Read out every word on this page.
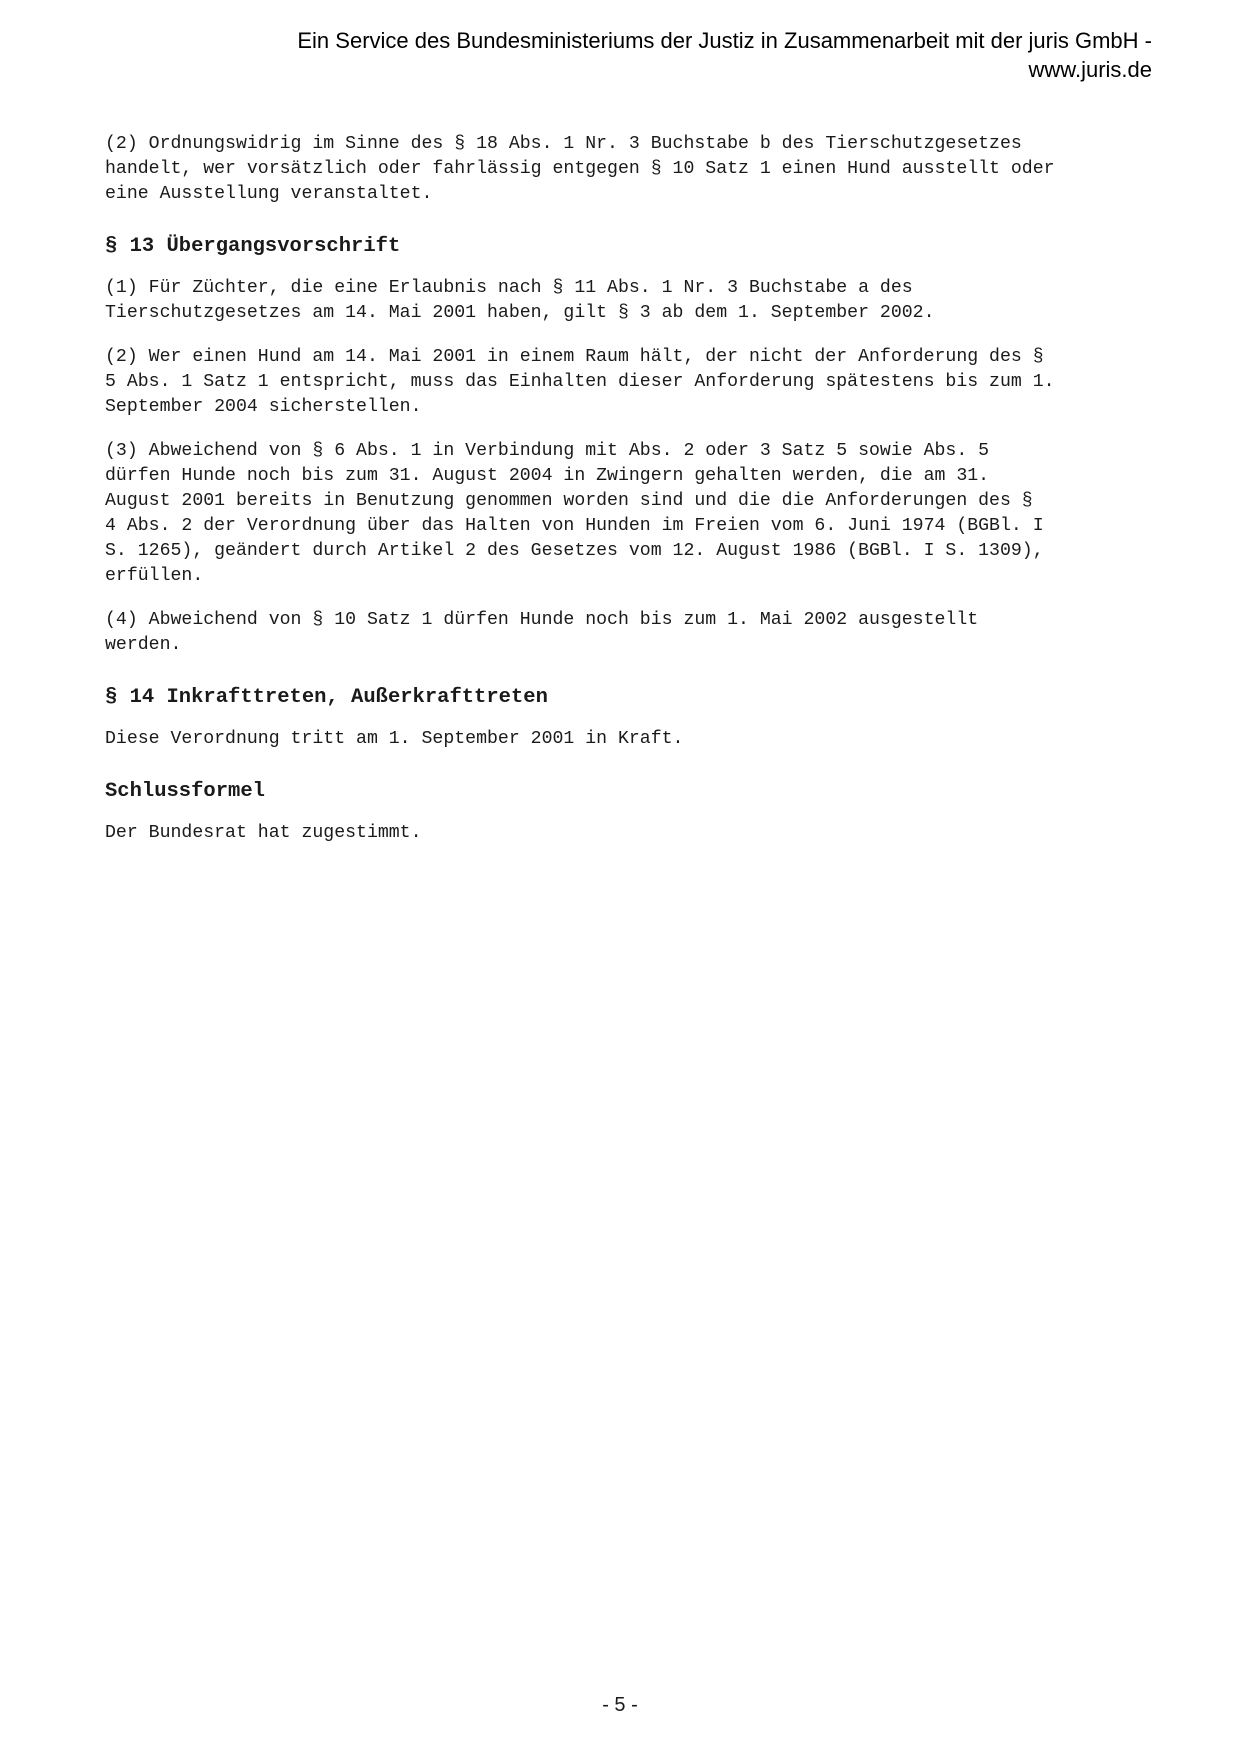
Ein Service des Bundesministeriums der Justiz in Zusammenarbeit mit der juris GmbH -
www.juris.de

(2) Ordnungswidrig im Sinne des § 18 Abs. 1 Nr. 3 Buchstabe b des Tierschutzgesetzes
handelt, wer vorsätzlich oder fahrlässig entgegen § 10 Satz 1 einen Hund ausstellt oder
eine Ausstellung veranstaltet.

§ 13 Übergangsvorschrift

(1) Für Züchter, die eine Erlaubnis nach § 11 Abs. 1 Nr. 3 Buchstabe a des
Tierschutzgesetzes am 14. Mai 2001 haben, gilt § 3 ab dem 1. September 2002.

(2) Wer einen Hund am 14. Mai 2001 in einem Raum hält, der nicht der Anforderung des §
5 Abs. 1 Satz 1 entspricht, muss das Einhalten dieser Anforderung spätestens bis zum 1.
September 2004 sicherstellen.

(3) Abweichend von § 6 Abs. 1 in Verbindung mit Abs. 2 oder 3 Satz 5 sowie Abs. 5
dürfen Hunde noch bis zum 31. August 2004 in Zwingern gehalten werden, die am 31.
August 2001 bereits in Benutzung genommen worden sind und die die Anforderungen des §
4 Abs. 2 der Verordnung über das Halten von Hunden im Freien vom 6. Juni 1974 (BGBl. I
S. 1265), geändert durch Artikel 2 des Gesetzes vom 12. August 1986 (BGBl. I S. 1309),
erfüllen.

(4) Abweichend von § 10 Satz 1 dürfen Hunde noch bis zum 1. Mai 2002 ausgestellt
werden.

§ 14 Inkrafttreten, Außerkrafttreten

Diese Verordnung tritt am 1. September 2001 in Kraft.

Schlussformel

Der Bundesrat hat zugestimmt.

- 5 -
